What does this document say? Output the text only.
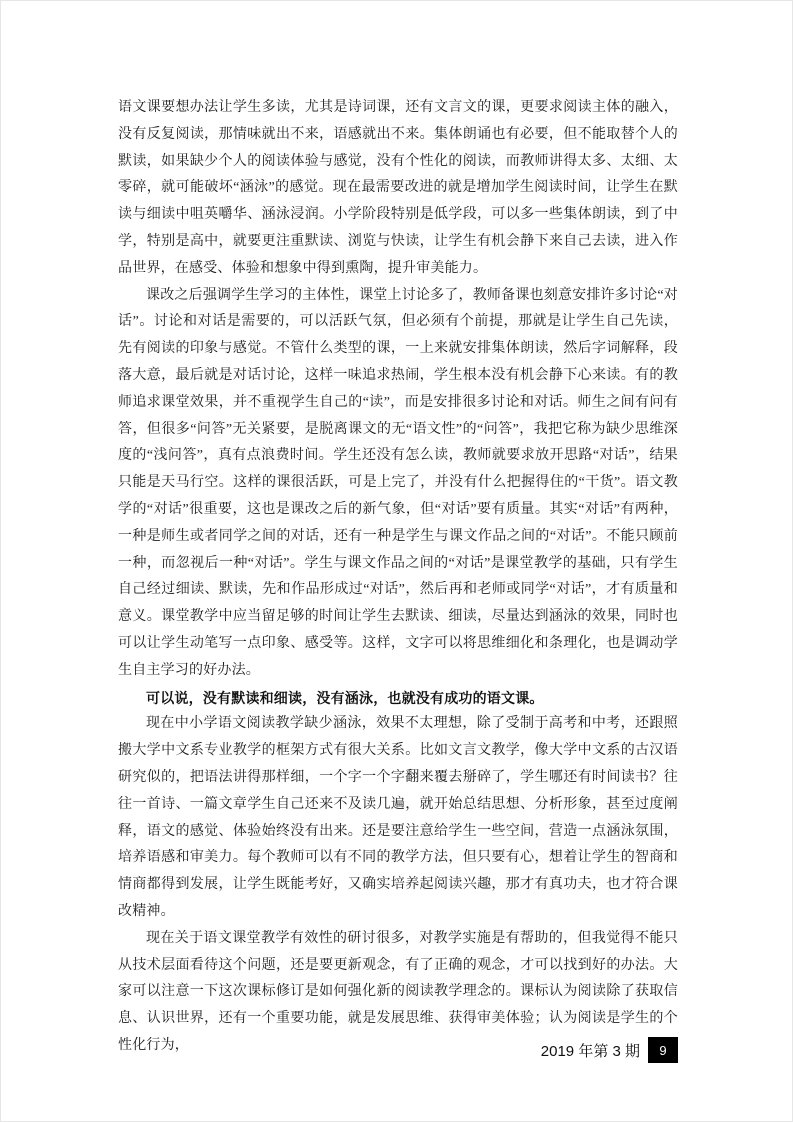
语文课要想办法让学生多读，尤其是诗词课，还有文言文的课，更要求阅读主体的融入，没有反复阅读，那情味就出不来，语感就出不来。集体朗诵也有必要，但不能取替个人的默读，如果缺少个人的阅读体验与感觉，没有个性化的阅读，而教师讲得太多、太细、太零碎，就可能破坏“涵泳”的感觉。现在最需要改进的就是增加学生阅读时间，让学生在默读与细读中咀英嚼华、涵泳浸润。小学阶段特别是低学段，可以多一些集体朗读，到了中学，特别是高中，就要更注重默读、浏览与快读，让学生有机会静下来自己去读，进入作品世界，在感受、体验和想象中得到熏陶，提升审美能力。

课改之后强调学生学习的主体性，课堂上讨论多了，教师备课也刻意安排许多讨论“对话”。讨论和对话是需要的，可以活跃气氛，但必须有个前提，那就是让学生自己先读，先有阅读的印象与感觉。不管什么类型的课，一上来就安排集体朗读，然后字词解释，段落大意，最后就是对话讨论，这样一味追求热闹，学生根本没有机会静下心来读。有的教师追求课堂效果，并不重视学生自己的“读”，而是安排很多讨论和对话。师生之间有问有答，但很多“问答”无关紧要，是脱离课文的无“语文性”的“问答”，我把它称为缺少思维深度的“浅问答”，真有点浪费时间。学生还没有怎么读，教师就要求放开思路“对话”，结果只能是天马行空。这样的课很活跃，可是上完了，并没有什么把握得住的“干货”。语文教学的“对话”很重要，这也是课改之后的新气象，但“对话”要有质量。其实“对话”有两种，一种是师生或者同学之间的对话，还有一种是学生与课文作品之间的“对话”。不能只顾前一种，而忽视后一种“对话”。学生与课文作品之间的“对话”是课堂教学的基础，只有学生自己经过细读、默读，先和作品形成过“对话”，然后再和老师或同学“对话”，才有质量和意义。课堂教学中应当留足够的时间让学生去默读、细读，尽量达到涵泳的效果，同时也可以让学生动笔写一点印象、感受等。这样，文字可以将思维细化和条理化，也是调动学生自主学习的好办法。

可以说，没有默读和细读，没有涵泳，也就没有成功的语文课。

现在中小学语文阅读教学缺少涵泳，效果不太理想，除了受制于高考和中考，还跟照搬大学中文系专业教学的框架方式有很大关系。比如文言文教学，像大学中文系的古汉语研究似的，把语法讲得那样细，一个字一个字翻来覆去掰碎了，学生哪还有时间读书？往往一首诗、一篇文章学生自己还来不及读几遍，就开始总结思想、分析形象，甚至过度阐释，语文的感觉、体验始终没有出来。还是要注意给学生一些空间，营造一点涵泳氛围，培养语感和审美力。每个教师可以有不同的教学方法，但只要有心，想着让学生的智商和情商都得到发展，让学生既能考好，又确实培养起阅读兴趣，那才有真功夫，也才符合课改精神。

现在关于语文课堂教学有效性的研讨很多，对教学实施是有帮助的，但我觉得不能只从技术层面看待这个问题，还是要更新观念，有了正确的观念，才可以找到好的办法。大家可以注意一下这次课标修订是如何强化新的阅读教学理念的。课标认为阅读除了获取信息、认识世界，还有一个重要功能，就是发展思维、获得审美体验；认为阅读是学生的个性化行为，	2019 年第 3 期	9
